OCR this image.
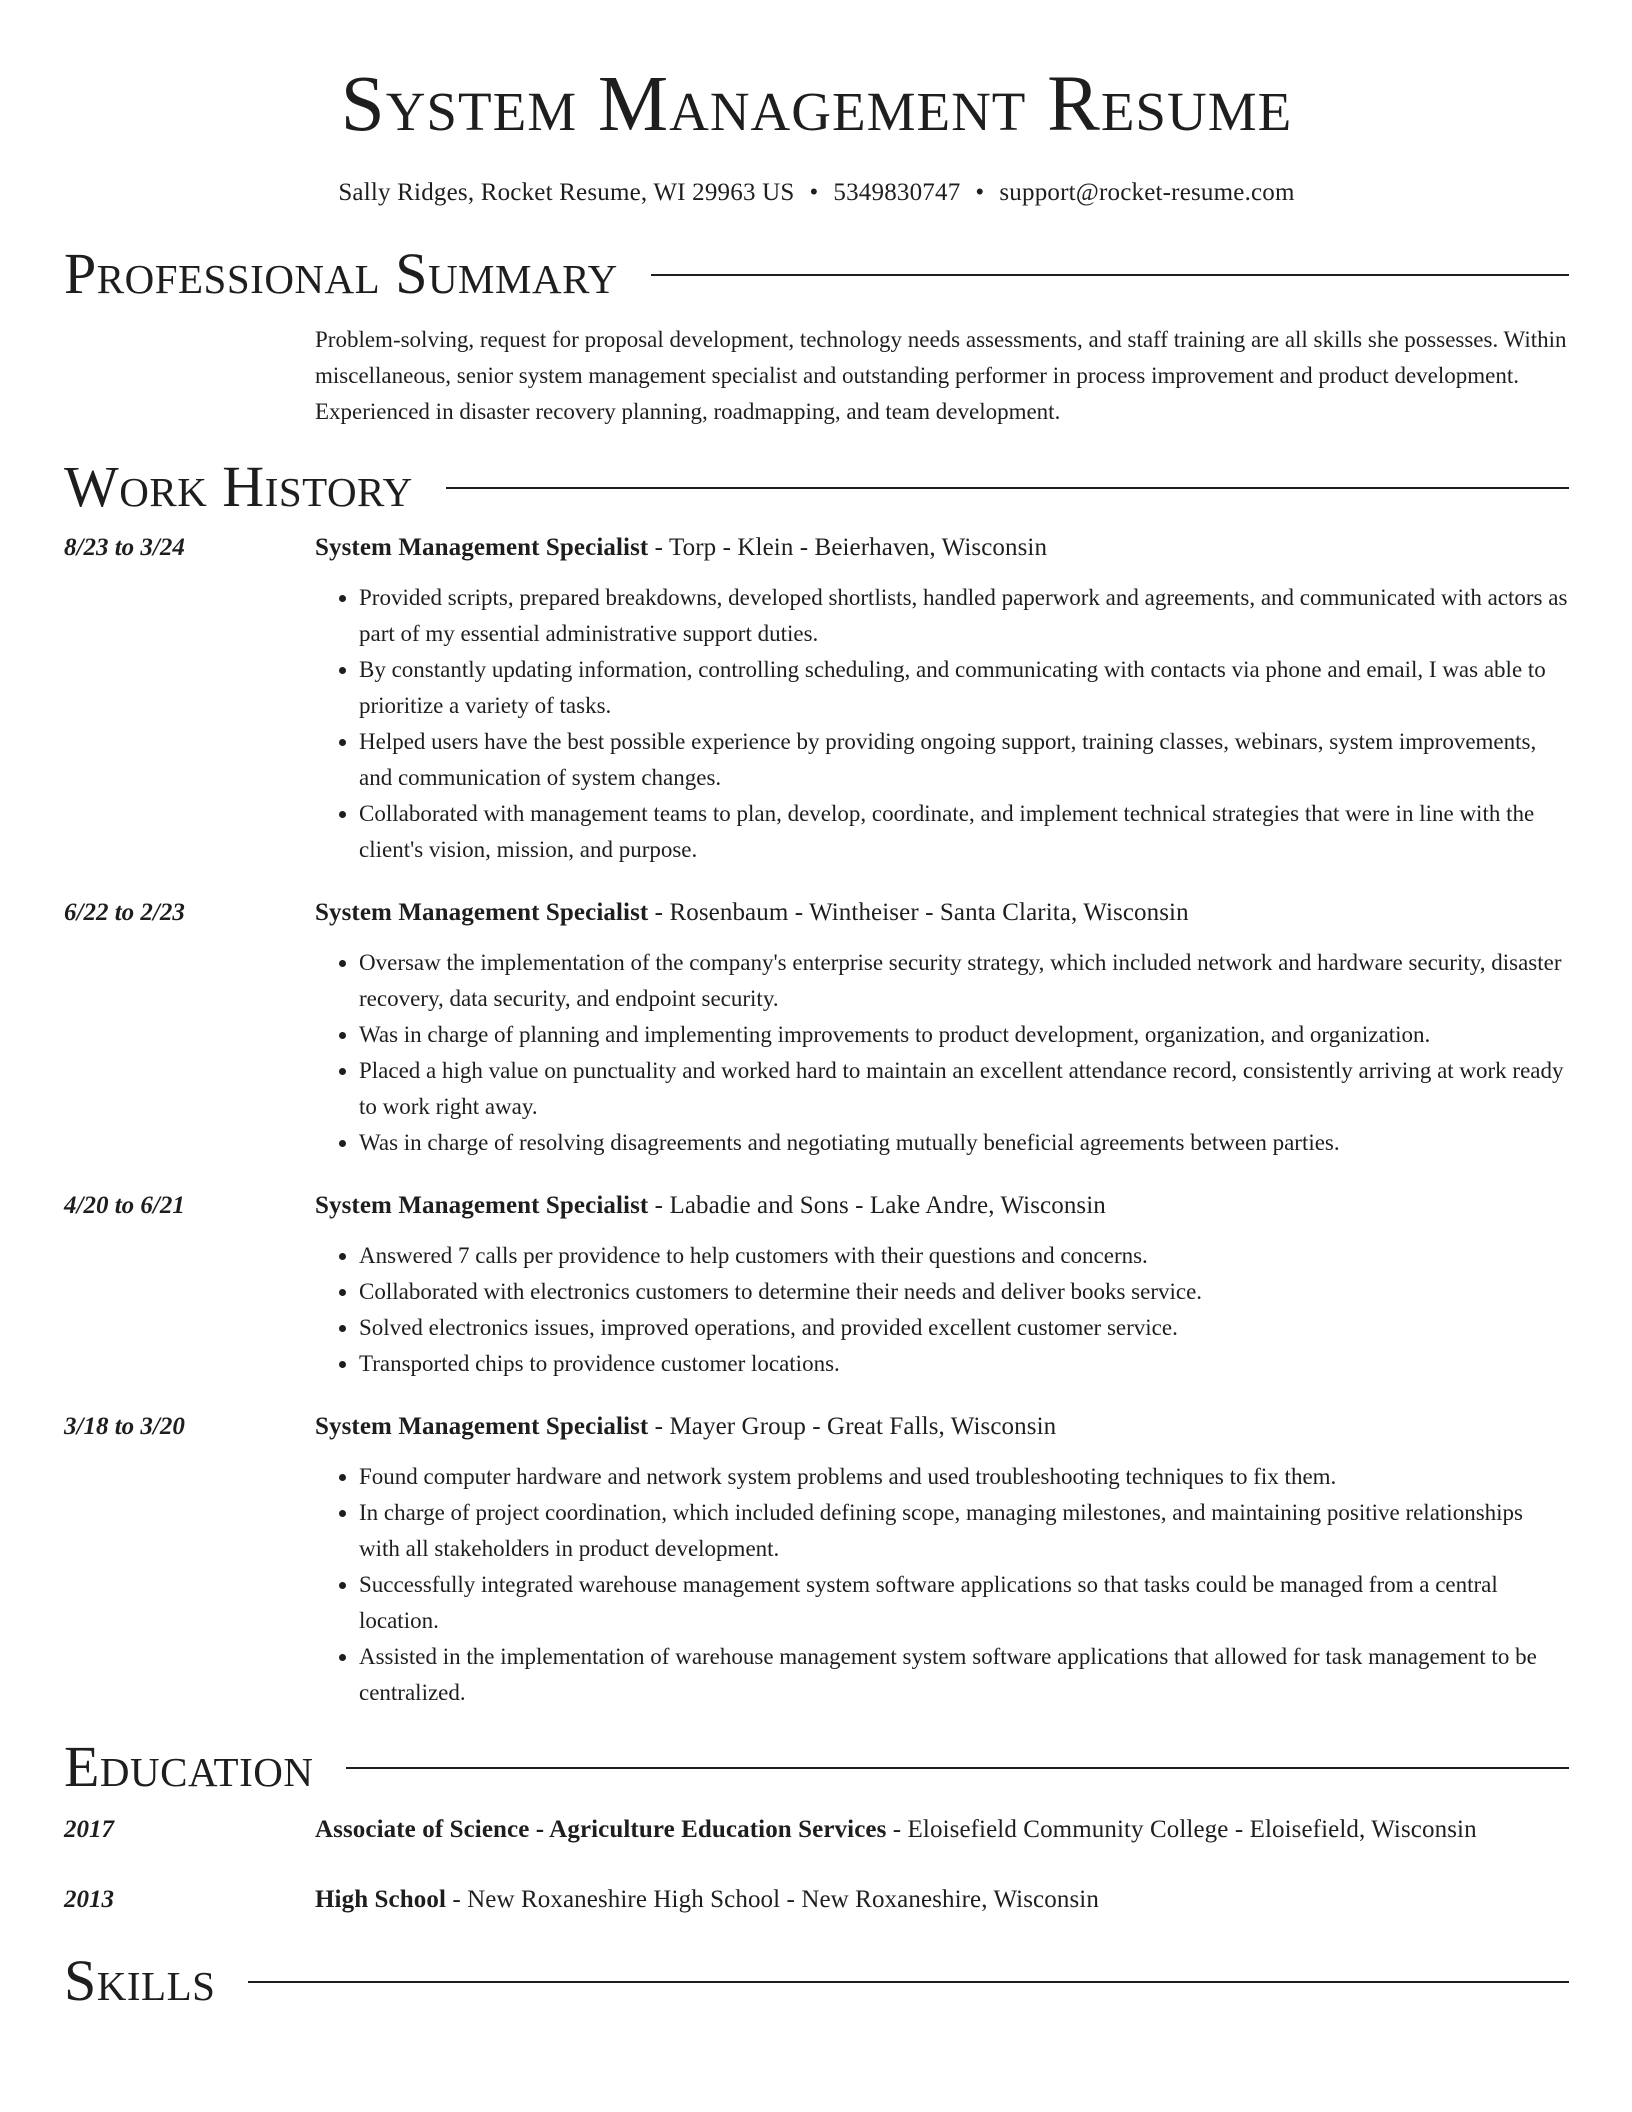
System Management Resume
Sally Ridges, Rocket Resume, WI 29963 US • 5349830747 • support@rocket-resume.com
Professional Summary
Problem-solving, request for proposal development, technology needs assessments, and staff training are all skills she possesses. Within miscellaneous, senior system management specialist and outstanding performer in process improvement and product development. Experienced in disaster recovery planning, roadmapping, and team development.
Work History
8/23 to 3/24	System Management Specialist - Torp - Klein - Beierhaven, Wisconsin
• Provided scripts, prepared breakdowns, developed shortlists, handled paperwork and agreements, and communicated with actors as part of my essential administrative support duties.
• By constantly updating information, controlling scheduling, and communicating with contacts via phone and email, I was able to prioritize a variety of tasks.
• Helped users have the best possible experience by providing ongoing support, training classes, webinars, system improvements, and communication of system changes.
• Collaborated with management teams to plan, develop, coordinate, and implement technical strategies that were in line with the client's vision, mission, and purpose.
6/22 to 2/23	System Management Specialist - Rosenbaum - Wintheiser - Santa Clarita, Wisconsin
• Oversaw the implementation of the company's enterprise security strategy, which included network and hardware security, disaster recovery, data security, and endpoint security.
• Was in charge of planning and implementing improvements to product development, organization, and organization.
• Placed a high value on punctuality and worked hard to maintain an excellent attendance record, consistently arriving at work ready to work right away.
• Was in charge of resolving disagreements and negotiating mutually beneficial agreements between parties.
4/20 to 6/21	System Management Specialist - Labadie and Sons - Lake Andre, Wisconsin
• Answered 7 calls per providence to help customers with their questions and concerns.
• Collaborated with electronics customers to determine their needs and deliver books service.
• Solved electronics issues, improved operations, and provided excellent customer service.
• Transported chips to providence customer locations.
3/18 to 3/20	System Management Specialist - Mayer Group - Great Falls, Wisconsin
• Found computer hardware and network system problems and used troubleshooting techniques to fix them.
• In charge of project coordination, which included defining scope, managing milestones, and maintaining positive relationships with all stakeholders in product development.
• Successfully integrated warehouse management system software applications so that tasks could be managed from a central location.
• Assisted in the implementation of warehouse management system software applications that allowed for task management to be centralized.
Education
2017	Associate of Science - Agriculture Education Services - Eloisefield Community College - Eloisefield, Wisconsin
2013	High School - New Roxaneshire High School - New Roxaneshire, Wisconsin
Skills
